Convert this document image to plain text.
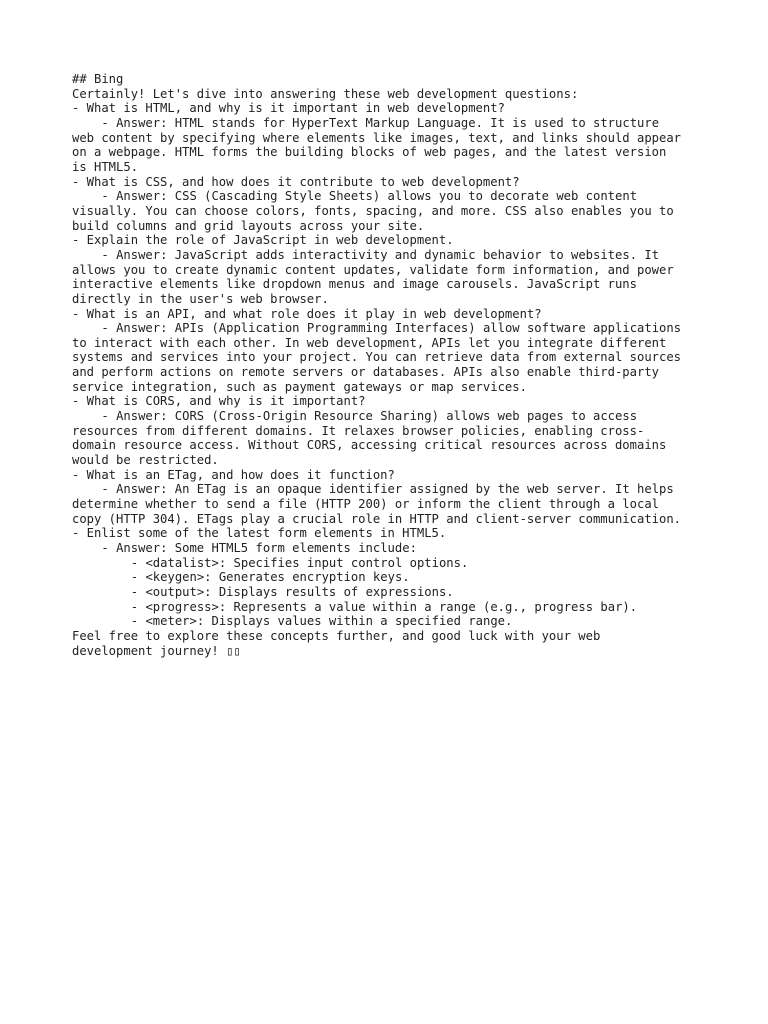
## Bing
Certainly! Let's dive into answering these web development questions:
- What is HTML, and why is it important in web development?
- Answer: HTML stands for HyperText Markup Language. It is used to structure
web content by specifying where elements like images, text, and links should appear
on a webpage. HTML forms the building blocks of web pages, and the latest version
is HTML5.
- What is CSS, and how does it contribute to web development?
- Answer: CSS (Cascading Style Sheets) allows you to decorate web content
visually. You can choose colors, fonts, spacing, and more. CSS also enables you to
build columns and grid layouts across your site.
- Explain the role of JavaScript in web development.
- Answer: JavaScript adds interactivity and dynamic behavior to websites. It
allows you to create dynamic content updates, validate form information, and power
interactive elements like dropdown menus and image carousels. JavaScript runs
directly in the user's web browser.
- What is an API, and what role does it play in web development?
- Answer: APIs (Application Programming Interfaces) allow software applications
to interact with each other. In web development, APIs let you integrate different
systems and services into your project. You can retrieve data from external sources
and perform actions on remote servers or databases. APIs also enable third-party
service integration, such as payment gateways or map services.
- What is CORS, and why is it important?
- Answer: CORS (Cross-Origin Resource Sharing) allows web pages to access
resources from different domains. It relaxes browser policies, enabling cross-
domain resource access. Without CORS, accessing critical resources across domains
would be restricted.
- What is an ETag, and how does it function?
- Answer: An ETag is an opaque identifier assigned by the web server. It helps
determine whether to send a file (HTTP 200) or inform the client through a local
copy (HTTP 304). ETags play a crucial role in HTTP and client-server communication.
- Enlist some of the latest form elements in HTML5.
- Answer: Some HTML5 form elements include:
- <datalist>: Specifies input control options.
- <keygen>: Generates encryption keys.
- <output>: Displays results of expressions.
- <progress>: Represents a value within a range (e.g., progress bar).
- <meter>: Displays values within a specified range.
Feel free to explore these concepts further, and good luck with your web
development journey! ▯▯
